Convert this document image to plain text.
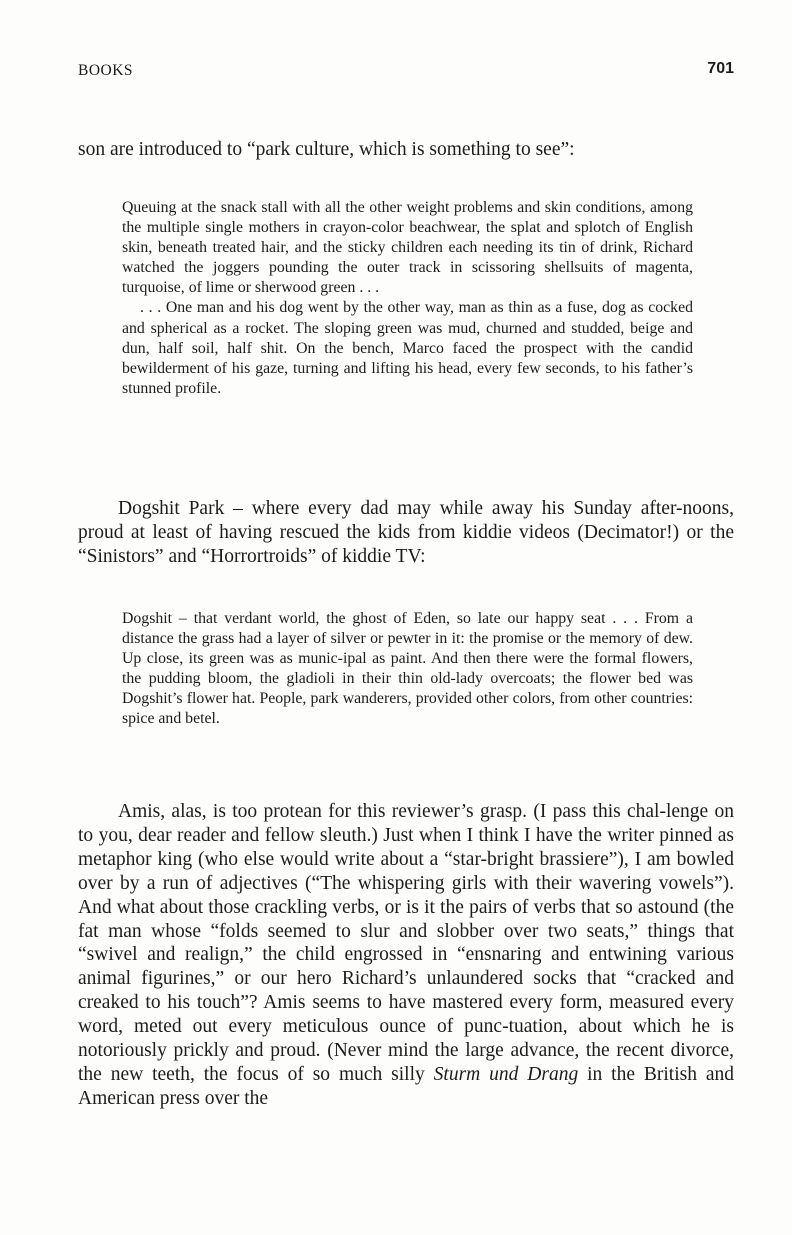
BOOKS	701

son are introduced to “park culture, which is something to see”:

Queuing at the snack stall with all the other weight problems and skin conditions, among the multiple single mothers in crayon-color beachwear, the splat and splotch of English skin, beneath treated hair, and the sticky children each needing its tin of drink, Richard watched the joggers pounding the outer track in scissoring shellsuits of magenta, turquoise, of lime or sherwood green . . .

. . . One man and his dog went by the other way, man as thin as a fuse, dog as cocked and spherical as a rocket. The sloping green was mud, churned and studded, beige and dun, half soil, half shit. On the bench, Marco faced the prospect with the candid bewilderment of his gaze, turning and lifting his head, every few seconds, to his father’s stunned profile.

Dogshit Park – where every dad may while away his Sunday after-noons, proud at least of having rescued the kids from kiddie videos (Decimator!) or the “Sinistors” and “Horrortroids” of kiddie TV:

Dogshit – that verdant world, the ghost of Eden, so late our happy seat . . . From a distance the grass had a layer of silver or pewter in it: the promise or the memory of dew. Up close, its green was as munic-ipal as paint. And then there were the formal flowers, the pudding bloom, the gladioli in their thin old-lady overcoats; the flower bed was Dogshit’s flower hat. People, park wanderers, provided other colors, from other countries: spice and betel.

Amis, alas, is too protean for this reviewer’s grasp. (I pass this chal-lenge on to you, dear reader and fellow sleuth.) Just when I think I have the writer pinned as metaphor king (who else would write about a “star-bright brassiere”), I am bowled over by a run of adjectives (“The whispering girls with their wavering vowels”). And what about those crackling verbs, or is it the pairs of verbs that so astound (the fat man whose “folds seemed to slur and slobber over two seats,” things that “swivel and realign,” the child engrossed in “ensnaring and entwining various animal figurines,” or our hero Richard’s unlaundered socks that “cracked and creaked to his touch”? Amis seems to have mastered every form, measured every word, meted out every meticulous ounce of punc-tuation, about which he is notoriously prickly and proud. (Never mind the large advance, the recent divorce, the new teeth, the focus of so much silly Sturm und Drang in the British and American press over the
